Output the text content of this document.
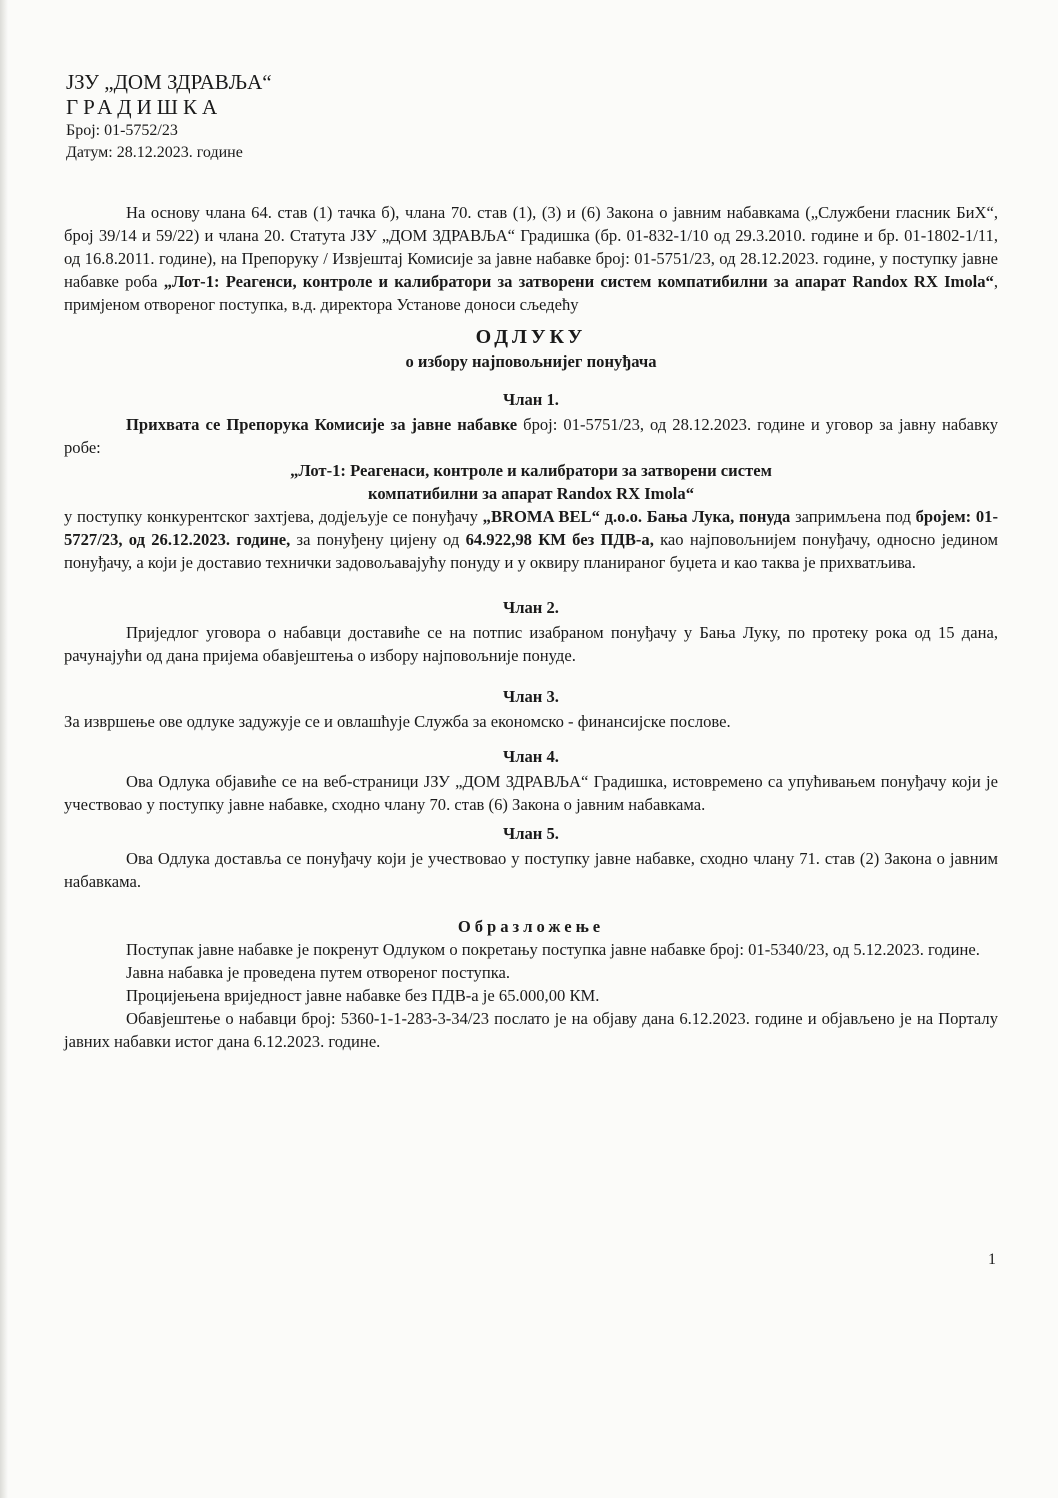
ЈЗУ „ДОМ ЗДРАВЉА“

ГРАДИШКА

Број: 01-5752/23

Датум: 28.12.2023. године

На основу члана 64. став (1) тачка б), члана 70. став (1), (3) и (6) Закона о јавним набавкама („Службени гласник БиХ“, број 39/14 и 59/22) и члана 20. Статута ЈЗУ „ДОМ ЗДРАВЉА“ Градишка (бр. 01-832-1/10 од 29.3.2010. године и бр. 01-1802-1/11, од 16.8.2011. године), на Препоруку / Извјештај Комисије за јавне набавке број: 01-5751/23, од 28.12.2023. године, у поступку јавне набавке роба „Лот-1: Реагенси, контроле и калибратори за затворени систем компатибилни за апарат Randox RX Imola“, примјеном отвореног поступка, в.д. директора Установе доноси сљедећу

ОДЛУКУ

о избору најповољнијег понуђача

Члан 1.

Прихвата се Препорука Комисије за јавне набавке број: 01-5751/23, од 28.12.2023. године и уговор за јавну набавку робе:

„Лот-1: Реагенаси, контроле и калибратори за затворени систем

компатибилни за апарат Randox RX Imola“

у поступку конкурентског захтјева, додјељује се понуђачу „BROMA BEL“ д.о.о. Бања Лука, понуда запримљена под бројем: 01-5727/23, од 26.12.2023. године, за понуђену цијену од 64.922,98 КМ без ПДВ-а, као најповољнијем понуђачу, односно једином понуђачу, а који је доставио технички задовољавајућу понуду и у оквиру планираног буџета и као таква је прихватљива.

Члан 2.

Приједлог уговора о набавци доставиће се на потпис изабраном понуђачу у Бања Луку, по протеку рока од 15 дана, рачунајући од дана пријема обавјештења о избору најповољније понуде.

Члан 3.

За извршење ове одлуке задужује се и овлашћује Служба за економско - финансијске послове.

Члан 4.

Ова Одлука објавиће се на веб-страници ЈЗУ „ДОМ ЗДРАВЉА“ Градишка, истовремено са упућивањем понуђачу који је учествовао у поступку јавне набавке, сходно члану 70. став (6) Закона о јавним набавкама.

Члан 5.

Ова Одлука доставља се понуђачу који је учествовао у поступку јавне набавке, сходно члану 71. став (2) Закона о јавним набавкама.

Образложење

Поступак јавне набавке је покренут Одлуком о покретању поступка јавне набавке број: 01-5340/23, од 5.12.2023. године.

Јавна набавка је проведена путем отвореног поступка.

Процијењена вриједност јавне набавке без ПДВ-а је 65.000,00 КМ.

Обавјештење о набавци број: 5360-1-1-283-3-34/23 послато је на објаву дана 6.12.2023. године и објављено је на Порталу јавних набавки истог дана 6.12.2023. године.

1
